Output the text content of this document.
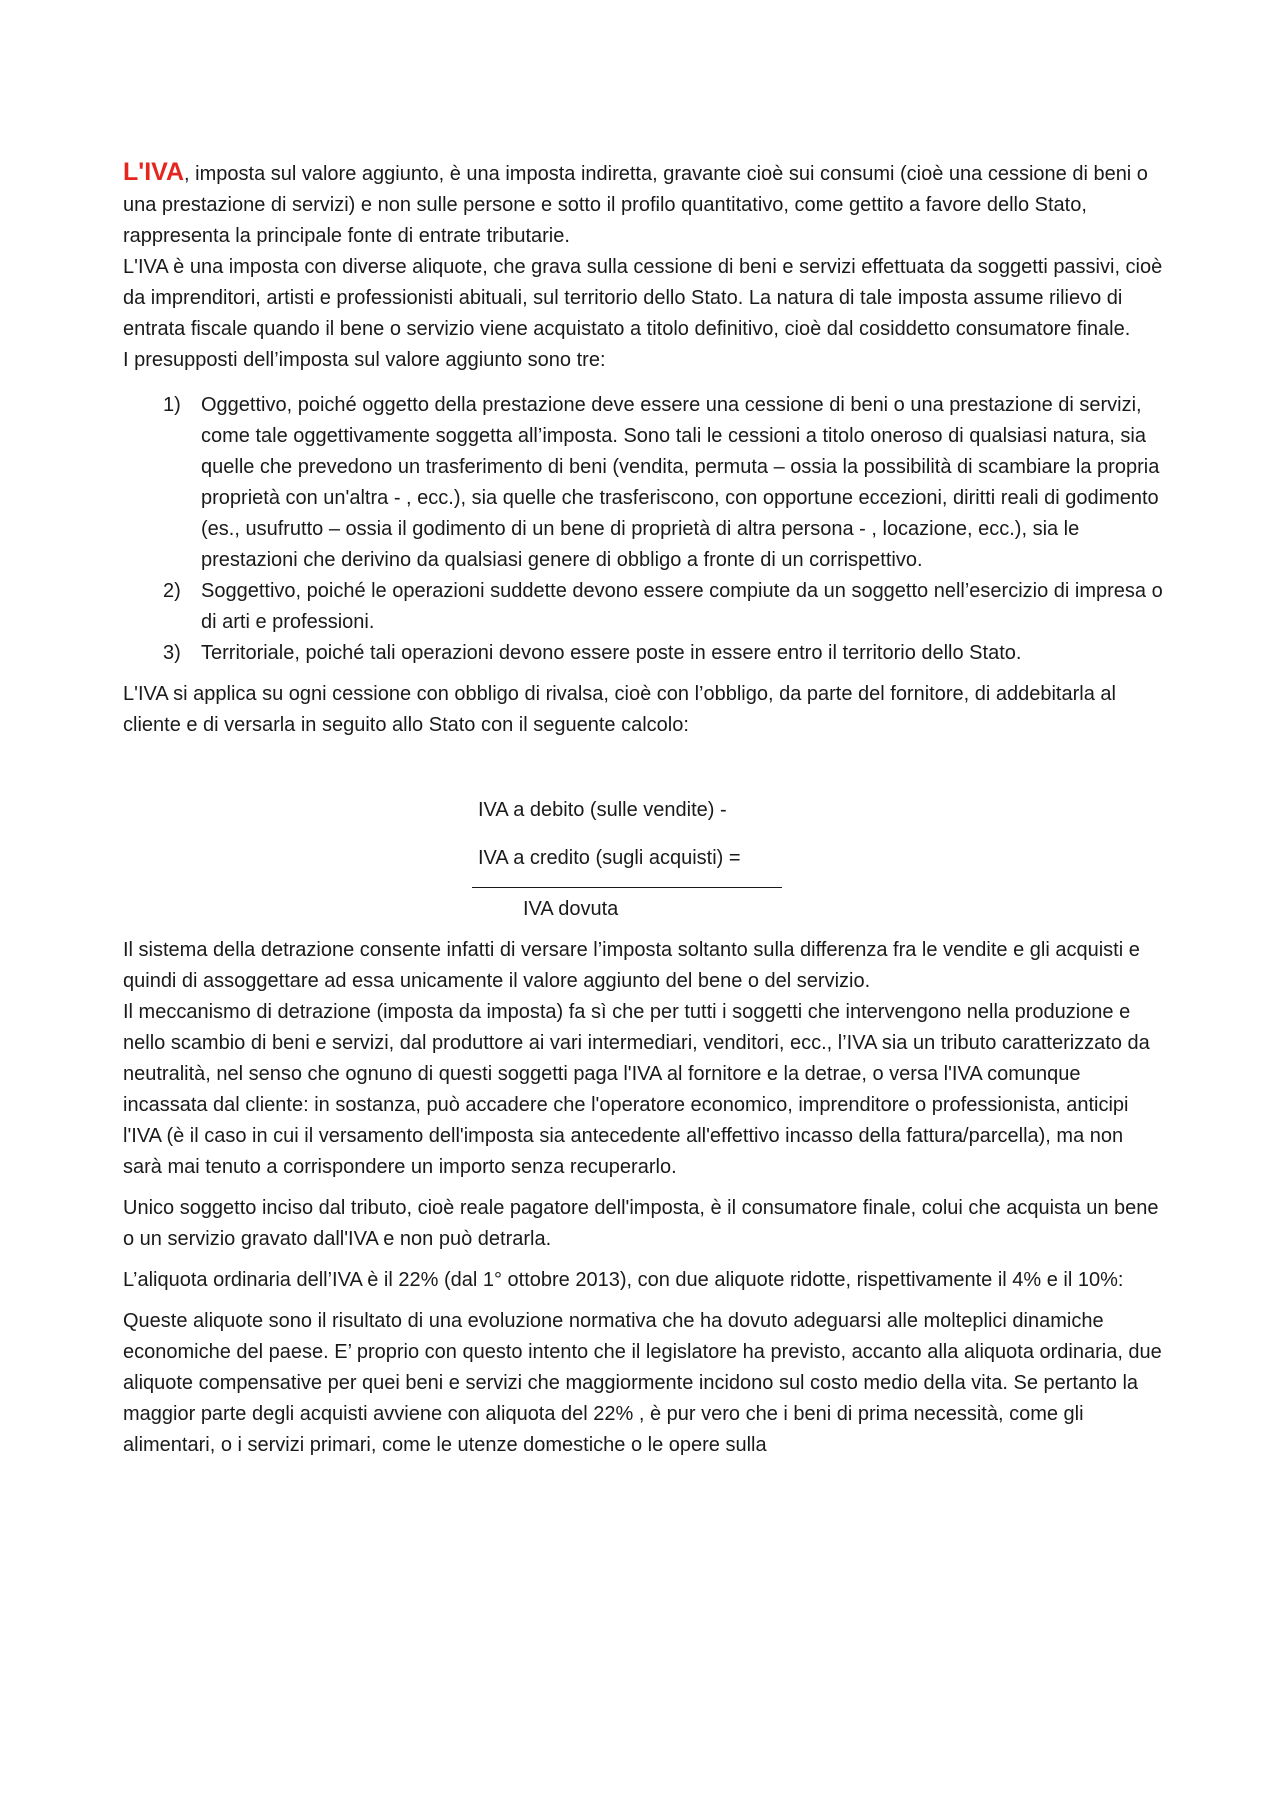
L'IVA, imposta sul valore aggiunto, è una imposta indiretta, gravante cioè sui consumi (cioè una cessione di beni o una prestazione di servizi) e non sulle persone e sotto il profilo quantitativo, come gettito a favore dello Stato, rappresenta la principale fonte di entrate tributarie.

L'IVA è una imposta con diverse aliquote, che grava sulla cessione di beni e servizi effettuata da soggetti passivi, cioè da imprenditori, artisti e professionisti abituali, sul territorio dello Stato. La natura di tale imposta assume rilievo di entrata fiscale quando il bene o servizio viene acquistato a titolo definitivo, cioè dal cosiddetto consumatore finale.

I presupposti dell’imposta sul valore aggiunto sono tre:

1) Oggettivo, poiché oggetto della prestazione deve essere una cessione di beni o una prestazione di servizi, come tale oggettivamente soggetta all’imposta. Sono tali le cessioni a titolo oneroso di qualsiasi natura, sia quelle che prevedono un trasferimento di beni (vendita, permuta – ossia la possibilità di scambiare la propria proprietà con un'altra - , ecc.), sia quelle che trasferiscono, con opportune eccezioni, diritti reali di godimento (es., usufrutto – ossia il godimento di un bene di proprietà di altra persona - , locazione, ecc.), sia le prestazioni che derivino da qualsiasi genere di obbligo a fronte di un corrispettivo.
2) Soggettivo, poiché le operazioni suddette devono essere compiute da un soggetto nell’esercizio di impresa o di arti e professioni.
3) Territoriale, poiché tali operazioni devono essere poste in essere entro il territorio dello Stato.

L'IVA si applica su ogni cessione con obbligo di rivalsa, cioè con l’obbligo, da parte del fornitore, di addebitarla al cliente e di versarla in seguito allo Stato con il seguente calcolo:

IVA a debito (sulle vendite) -
IVA a credito (sugli acquisti) =
IVA dovuta

Il sistema della detrazione consente infatti di versare l’imposta soltanto sulla differenza fra le vendite e gli acquisti e quindi di assoggettare ad essa unicamente il valore aggiunto del bene o del servizio.

Il meccanismo di detrazione (imposta da imposta) fa sì che per tutti i soggetti che intervengono nella produzione e nello scambio di beni e servizi, dal produttore ai vari intermediari, venditori, ecc., l’IVA sia un tributo caratterizzato da neutralità, nel senso che ognuno di questi soggetti paga l'IVA al fornitore e la detrae, o versa l'IVA comunque incassata dal cliente: in sostanza, può accadere che l'operatore economico, imprenditore o professionista, anticipi l'IVA (è il caso in cui il versamento dell'imposta sia antecedente all'effettivo incasso della fattura/parcella), ma non sarà mai tenuto a corrispondere un importo senza recuperarlo.

Unico soggetto inciso dal tributo, cioè reale pagatore dell'imposta, è il consumatore finale, colui che acquista un bene o un servizio gravato dall'IVA e non può detrarla.

L’aliquota ordinaria dell’IVA è il 22% (dal 1° ottobre 2013), con due aliquote ridotte, rispettivamente il 4% e il 10%:

Queste aliquote sono il risultato di una evoluzione normativa che ha dovuto adeguarsi alle molteplici dinamiche economiche del paese. E’ proprio con questo intento che il legislatore ha previsto, accanto alla aliquota ordinaria, due aliquote compensative per quei beni e servizi che maggiormente incidono sul costo medio della vita. Se pertanto la maggior parte degli acquisti avviene con aliquota del 22% , è pur vero che i beni di prima necessità, come gli alimentari, o i servizi primari, come le utenze domestiche o le opere sulla
